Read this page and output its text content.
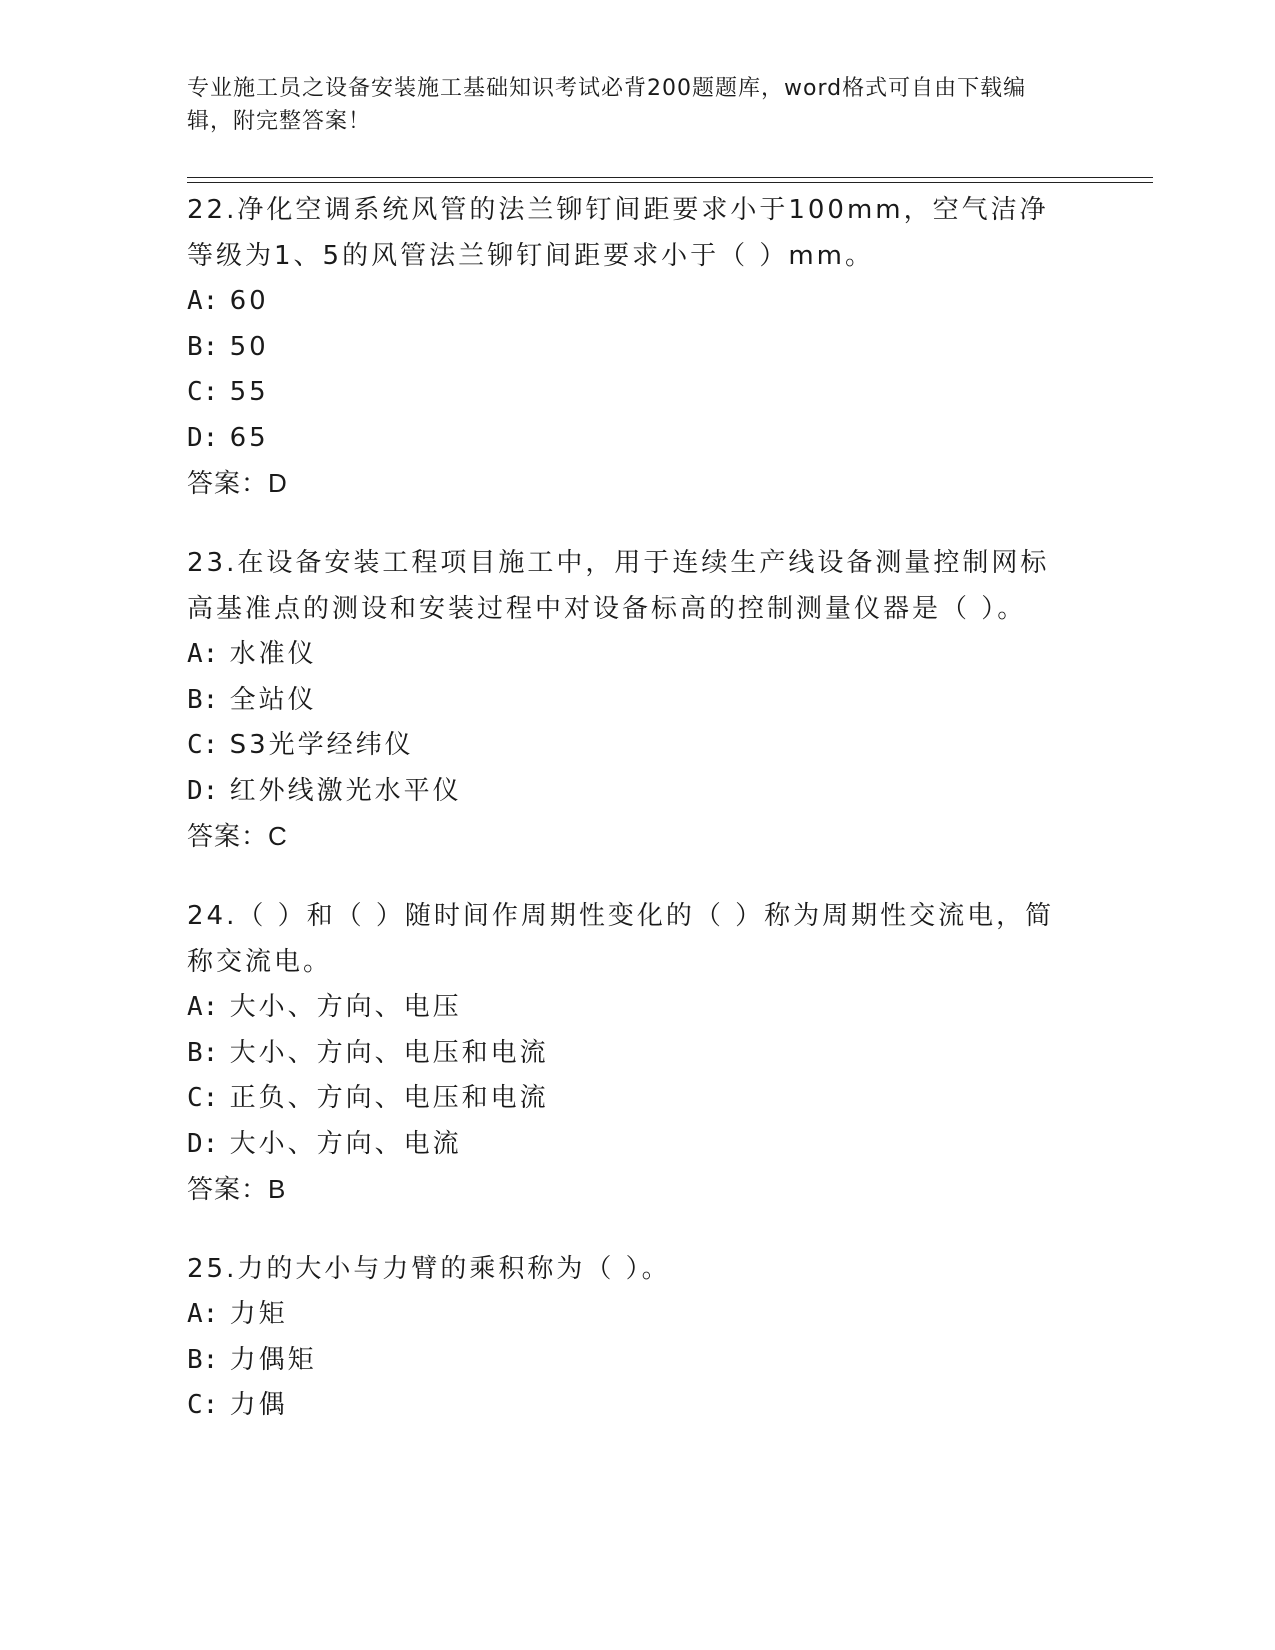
专业施工员之设备安装施工基础知识考试必背200题题库，word格式可自由下载编辑，附完整答案！
22.净化空调系统风管的法兰铆钉间距要求小于100mm，空气洁净等级为1、5的风管法兰铆钉间距要求小于（ ）mm。
A: 60
B: 50
C: 55
D: 65
答案：D
23.在设备安装工程项目施工中，用于连续生产线设备测量控制网标高基准点的测设和安装过程中对设备标高的控制测量仪器是（ ）。
A: 水准仪
B: 全站仪
C: S3光学经纬仪
D: 红外线激光水平仪
答案：C
24.（ ）和（ ）随时间作周期性变化的（ ）称为周期性交流电，简称交流电。
A: 大小、方向、电压
B: 大小、方向、电压和电流
C: 正负、方向、电压和电流
D: 大小、方向、电流
答案：B
25.力的大小与力臂的乘积称为（ ）。
A: 力矩
B: 力偶矩
C: 力偶
